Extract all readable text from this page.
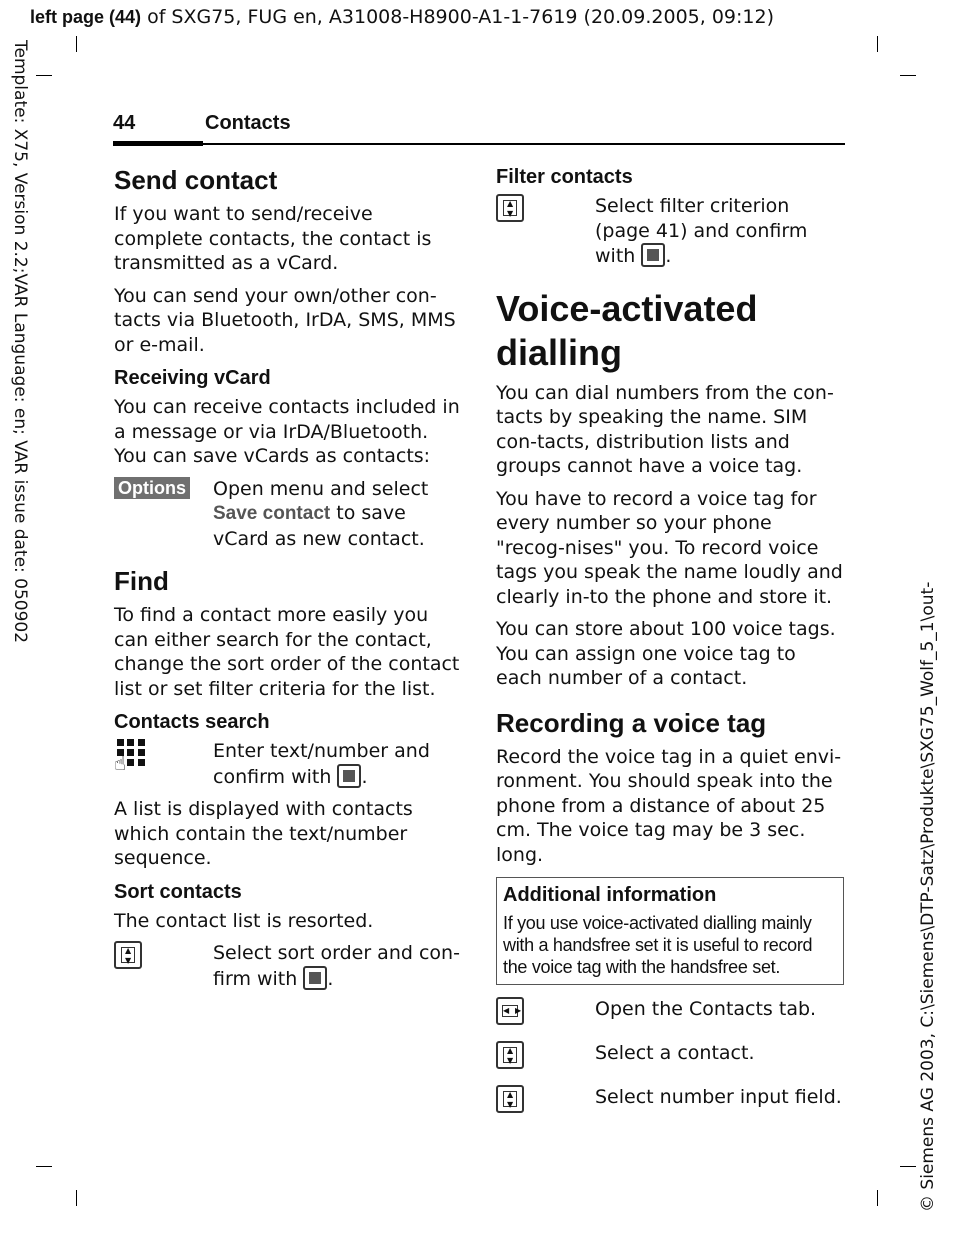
left page (44) of SXG75, FUG en, A31008-H8900-A1-1-7619 (20.09.2005, 09:12)
Template: X75, Version 2.2;VAR Language: en; VAR issue date: 050902
© Siemens AG 2003, C:\Siemens\DTP-Satz\Produkte\SXG75_Wolf_5_1\out-
44	Contacts
Send contact

If you want to send/receive complete contacts, the contact is transmitted as a vCard.

You can send your own/other con-tacts via Bluetooth, IrDA, SMS, MMS or e-mail.

Receiving vCard

You can receive contacts included in a message or via IrDA/Bluetooth. You can save vCards as contacts:

Options	Open menu and select Save contact to save vCard as new contact.
Find

To find a contact more easily you can either search for the contact, change the sort order of the contact list or set filter criteria for the list.

Contacts search
☝	Enter text/number and confirm with .

A list is displayed with contacts which contain the text/number sequence.

Sort contacts

The contact list is resorted.

▲
▼	Select sort order and con-firm with .
Filter contacts
▲
▼	Select filter criterion (page 41) and confirm with .
Voice-activated dialling

You can dial numbers from the con-tacts by speaking the name. SIM con-tacts, distribution lists and groups cannot have a voice tag.

You have to record a voice tag for every number so your phone "recog-nises" you. To record voice tags you speak the name loudly and clearly in-to the phone and store it.

You can store about 100 voice tags. You can assign one voice tag to each number of a contact.

Recording a voice tag

Record the voice tag in a quiet envi-ronment. You should speak into the phone from a distance of about 25 cm. The voice tag may be 3 sec. long.

Additional information
If you use voice-activated dialling mainly with a handsfree set it is useful to record the voice tag with the handsfree set.
◀ ▶	Open the Contacts tab.
▲
▼	Select a contact.
▲
▼	Select number input field.
